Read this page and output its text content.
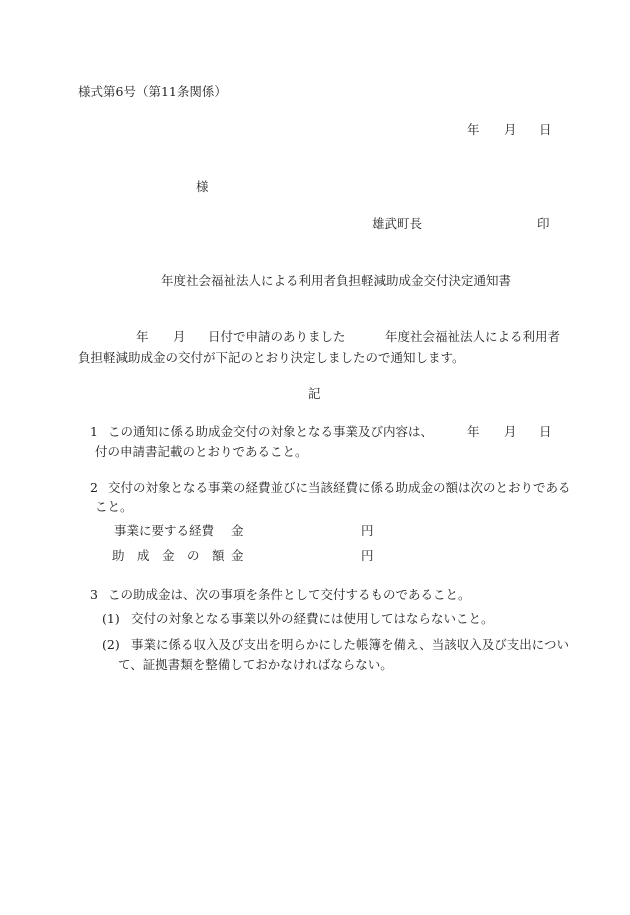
様式第6号（第11条関係）
年 月 日
様
雄武町長	印
年度社会福祉法人による利用者負担軽減助成金交付決定通知書
年 月 日付で申請のありました	年度社会福祉法人による利用者
負担軽減助成金の交付が下記のとおり決定しましたので通知します。
記
1 この通知に係る助成金交付の対象となる事業及び内容は、	年 月 日
付の申請書記載のとおりであること。
2 交付の対象となる事業の経費並びに当該経費に係る助成金の額は次のとおりである
こと。
事業に要する経費 金	円
助　成　金　の　額 金	円
3 この助成金は、次の事項を条件として交付するものであること。
(1) 交付の対象となる事業以外の経費には使用してはならないこと。
(2) 事業に係る収入及び支出を明らかにした帳簿を備え、当該収入及び支出につい
て、証拠書類を整備しておかなければならない。
